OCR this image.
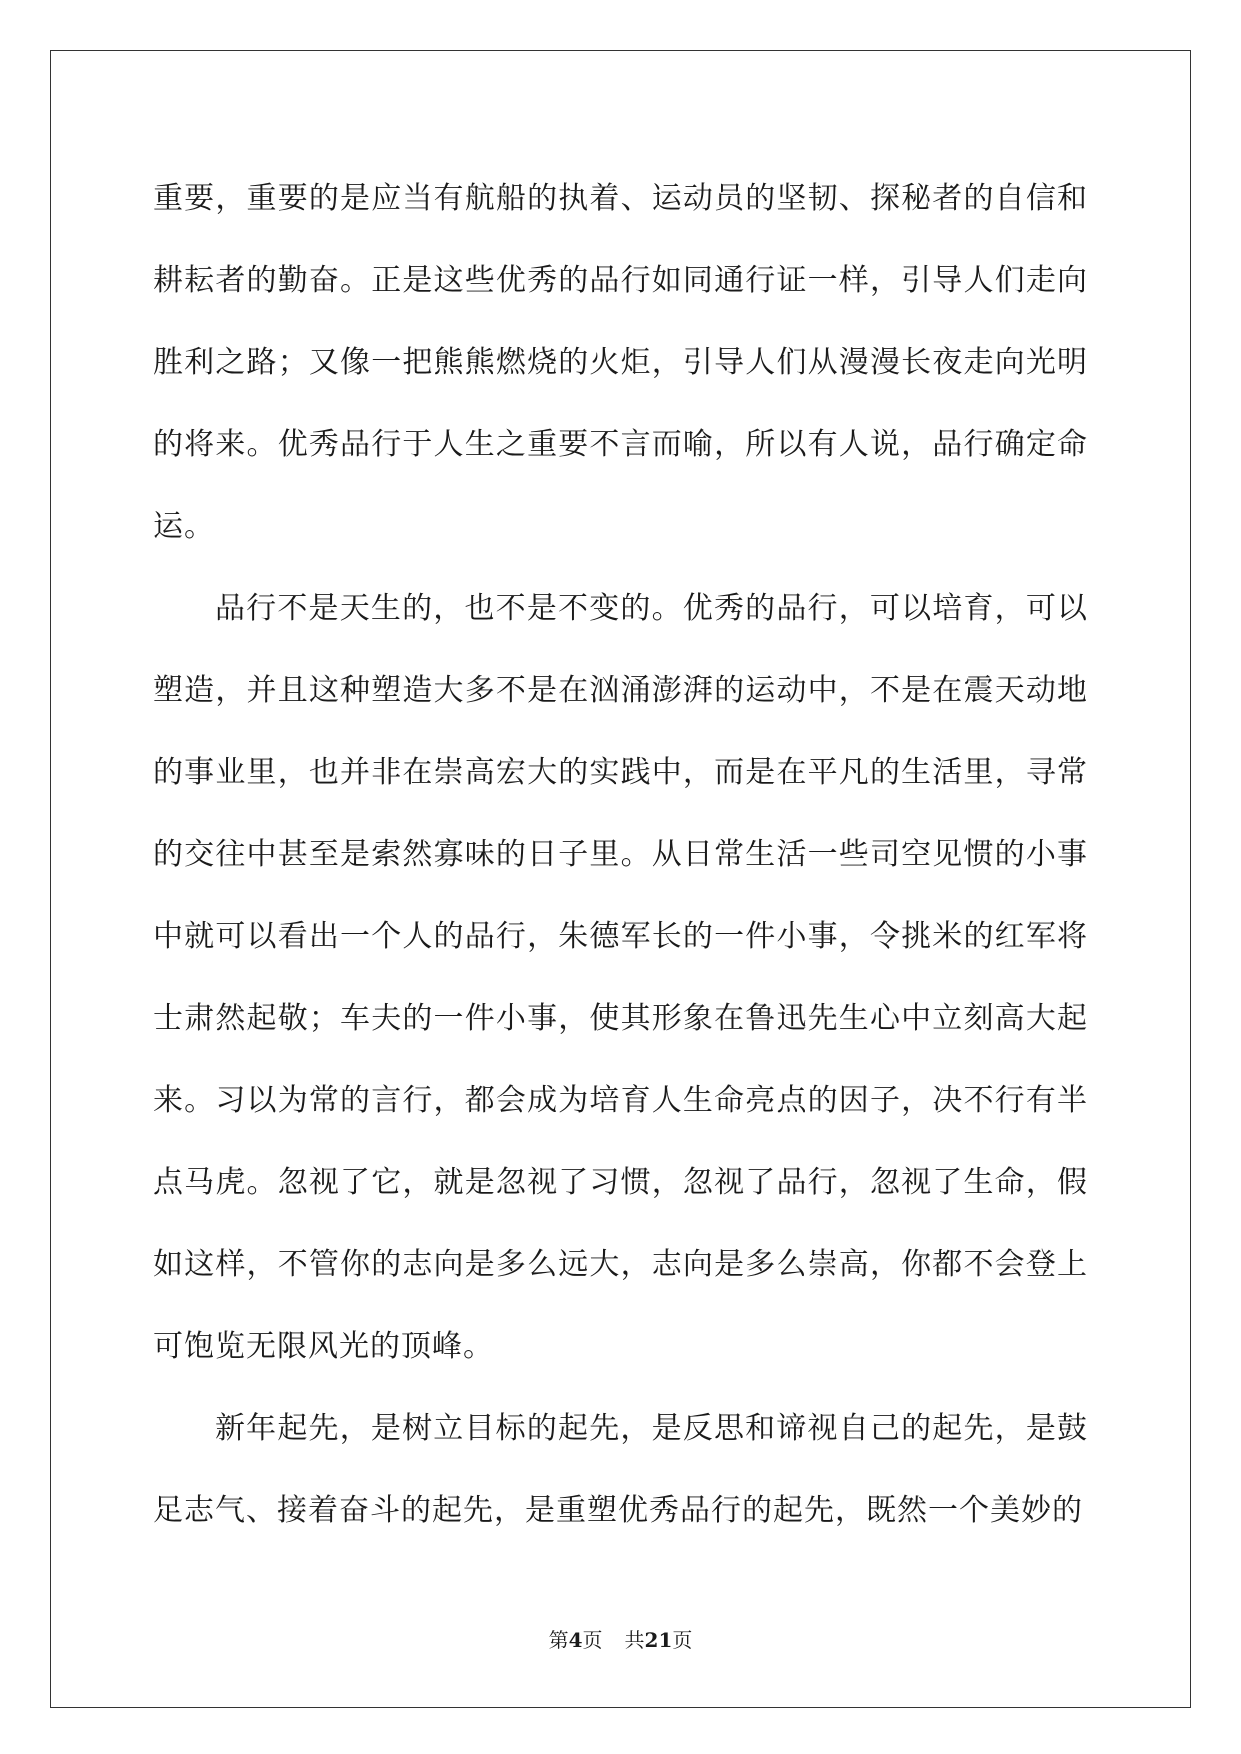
重要，重要的是应当有航船的执着、运动员的坚韧、探秘者的自信和耕耘者的勤奋。正是这些优秀的品行如同通行证一样，引导人们走向胜利之路；又像一把熊熊燃烧的火炬，引导人们从漫漫长夜走向光明的将来。优秀品行于人生之重要不言而喻，所以有人说，品行确定命运。

品行不是天生的，也不是不变的。优秀的品行，可以培育，可以塑造，并且这种塑造大多不是在汹涌澎湃的运动中，不是在震天动地的事业里，也并非在崇高宏大的实践中，而是在平凡的生活里，寻常的交往中甚至是索然寡味的日子里。从日常生活一些司空见惯的小事中就可以看出一个人的品行，朱德军长的一件小事，令挑米的红军将士肃然起敬；车夫的一件小事，使其形象在鲁迅先生心中立刻高大起来。习以为常的言行，都会成为培育人生命亮点的因子，决不行有半点马虎。忽视了它，就是忽视了习惯，忽视了品行，忽视了生命，假如这样，不管你的志向是多么远大，志向是多么崇高，你都不会登上可饱览无限风光的顶峰。

新年起先，是树立目标的起先，是反思和谛视自己的起先，是鼓足志气、接着奋斗的起先，是重塑优秀品行的起先，既然一个美妙的

第4页 共21页
